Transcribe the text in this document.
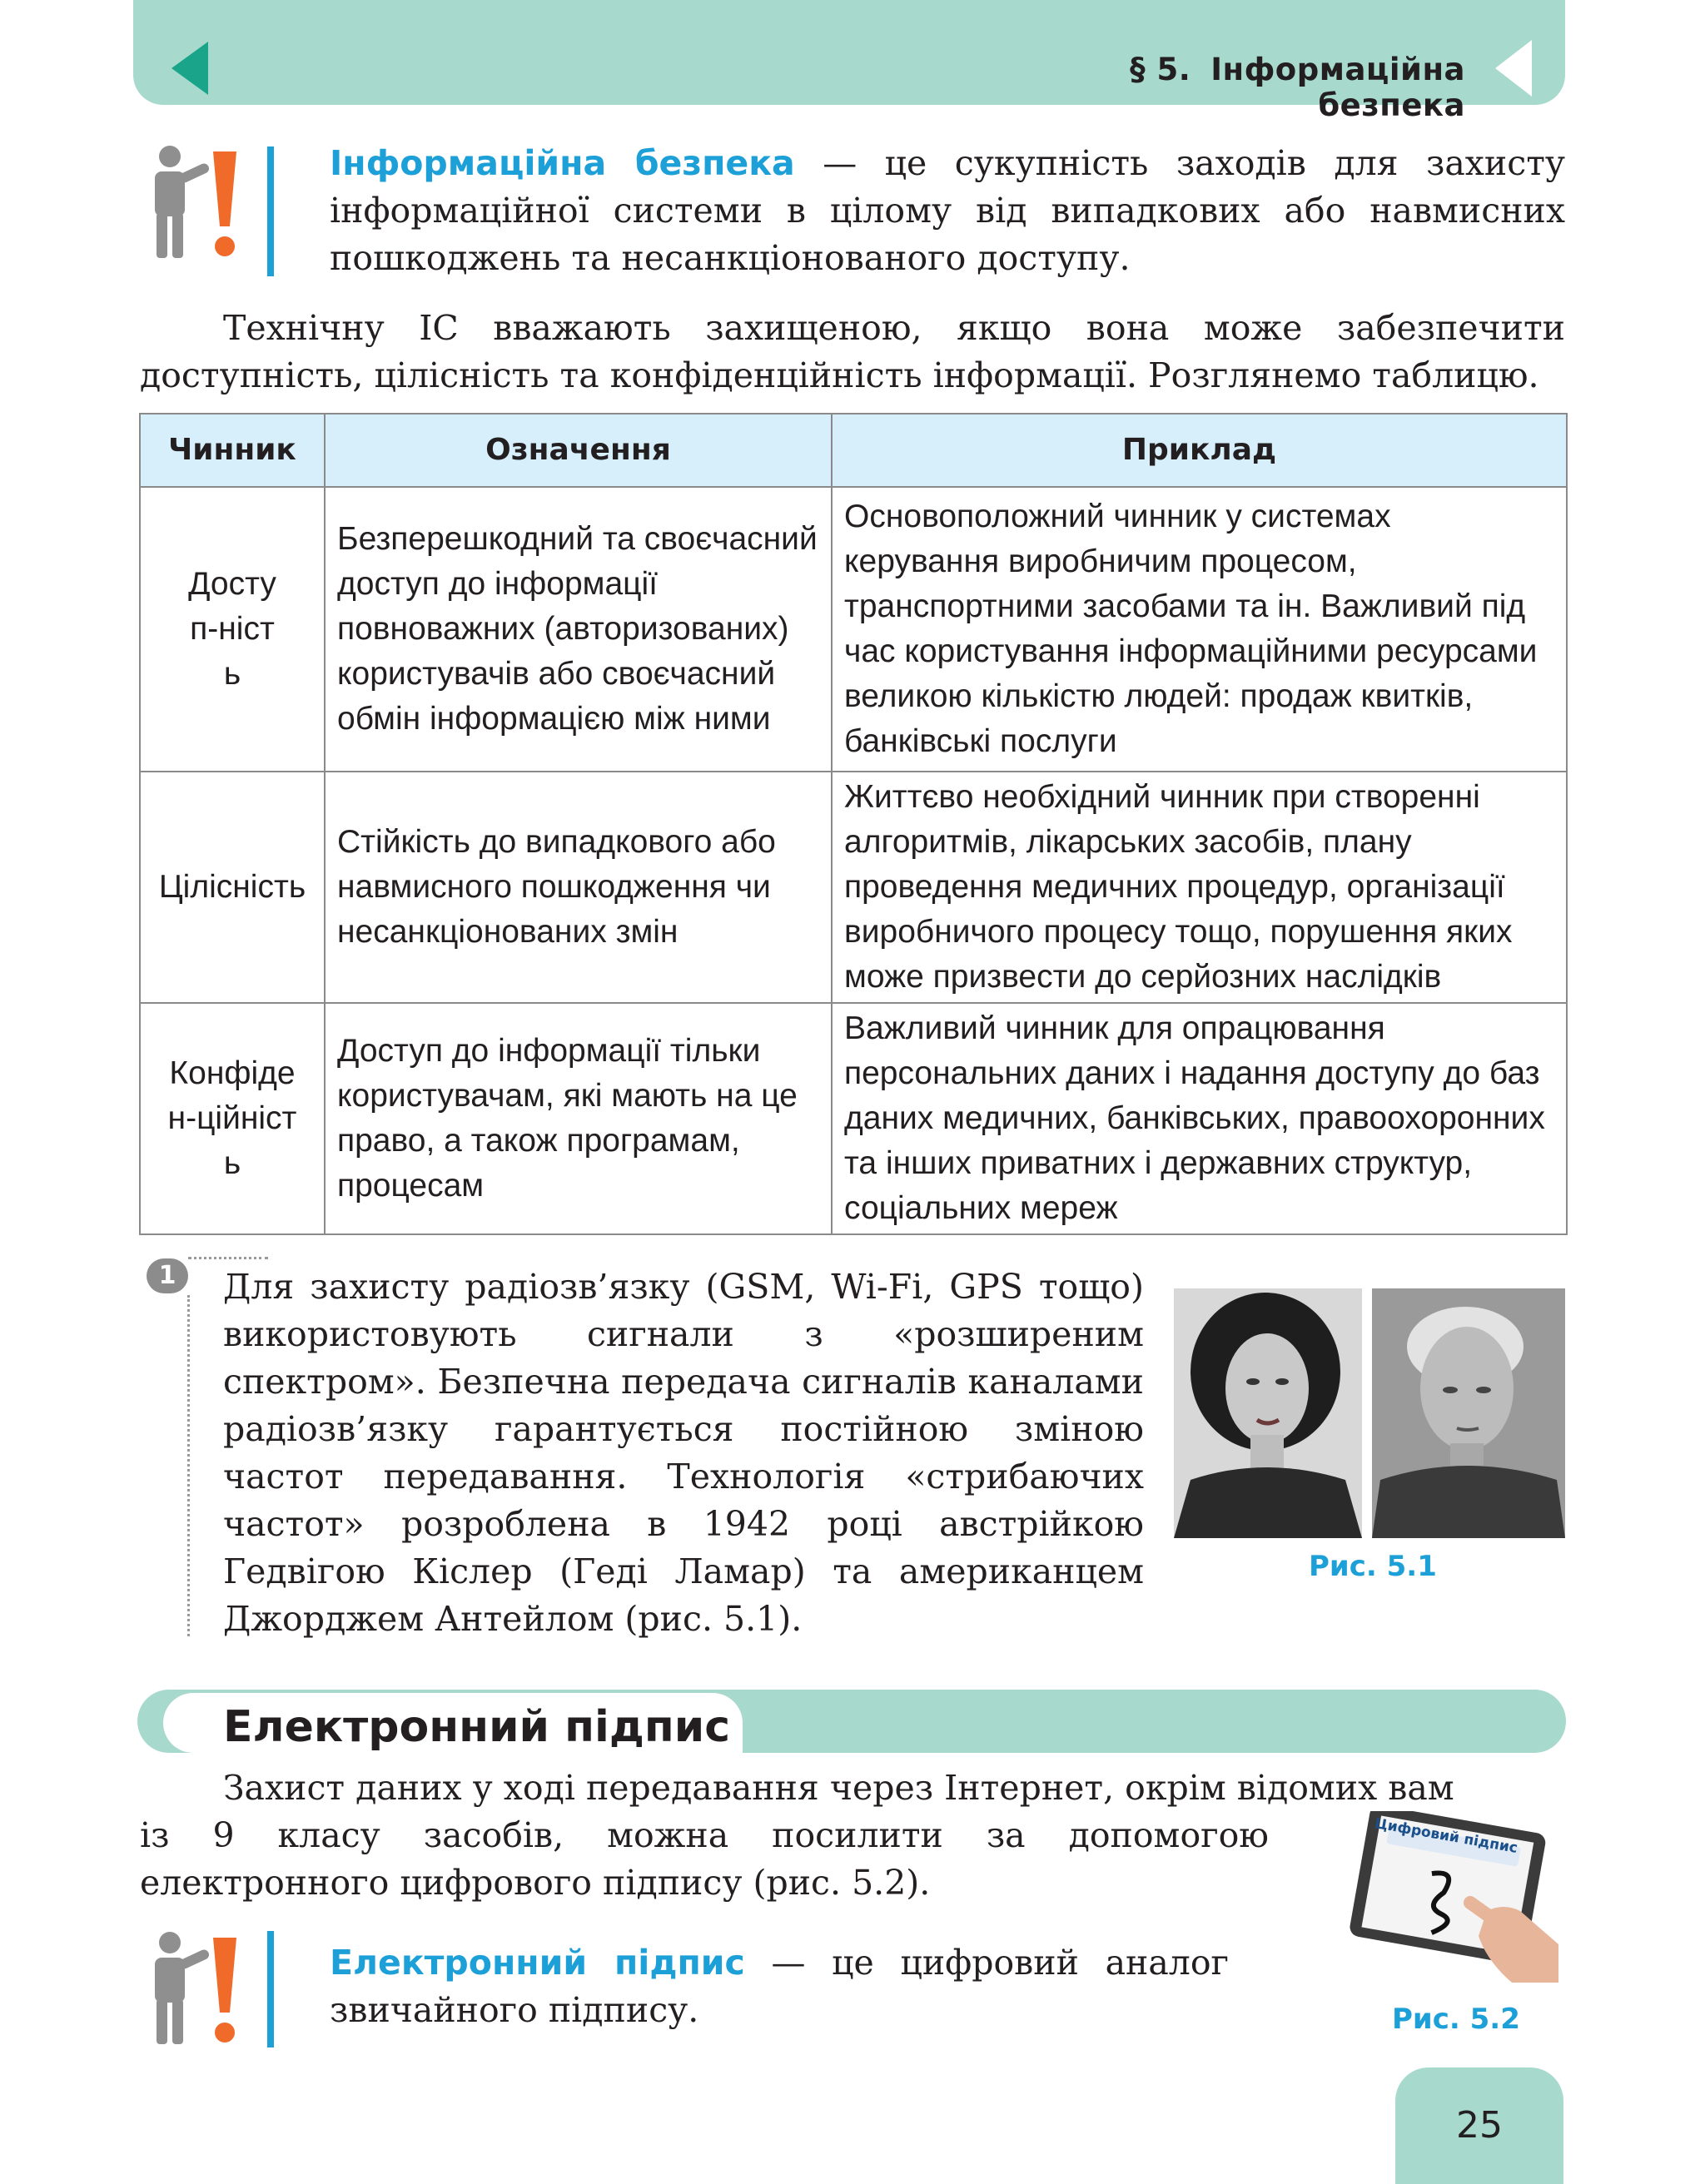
§ 5. Інформаційна безпека
Інформаційна безпека — це сукупність заходів для захисту інформаційної системи в цілому від випадкових або навмисних пошкоджень та несанкціонованого доступу.
Технічну ІС вважають захищеною, якщо вона може забезпечити доступність, цілісність та конфіденційність інформації. Розглянемо таблицю.
Чинник	Означення	Приклад
Доступ-ність	Безперешкодний та своєчасний доступ до інформації повноважних (авторизованих) користувачів або своєчасний обмін інформацією між ними	Основоположний чинник у системах керування виробничим процесом, транспортними засобами та ін. Важливий під час користування інформаційними ресурсами великою кількістю людей: продаж квитків, банківські послуги
Цілісність	Стійкість до випадкового або навмисного пошкодження чи несанкціонованих змін	Життєво необхідний чинник при створенні алгоритмів, лікарських засобів, плану проведення медичних процедур, організації виробничого процесу тощо, порушення яких може призвести до серйозних наслідків
Конфіден-ційність	Доступ до інформації тільки користувачам, які мають на це право, а також програмам, процесам	Важливий чинник для опрацювання персональних даних і надання доступу до баз даних медичних, банківських, правоохоронних та інших приватних і державних структур, соціальних мереж
1	Для захисту радіозв’язку (GSM, Wi-Fi, GPS тощо) використовують сигнали з «розширеним спектром». Безпечна передача сигналів каналами радіозв’язку гарантується постійною зміною частот передавання. Технологія «стрибаючих частот» розроблена в 1942 році австрійкою Гедвігою Кіслер (Геді Ламар) та американцем Джорджем Антейлом (рис. 5.1).
Рис. 5.1
Електронний підпис
Захист даних у ході передавання через Інтернет, окрім відомих вам
із 9 класу засобів, можна посилити за допомогою електронного цифрового підпису (рис. 5.2).
Цифровий підпис
Рис. 5.2
Електронний підпис — це цифровий аналог звичайного підпису.
25
